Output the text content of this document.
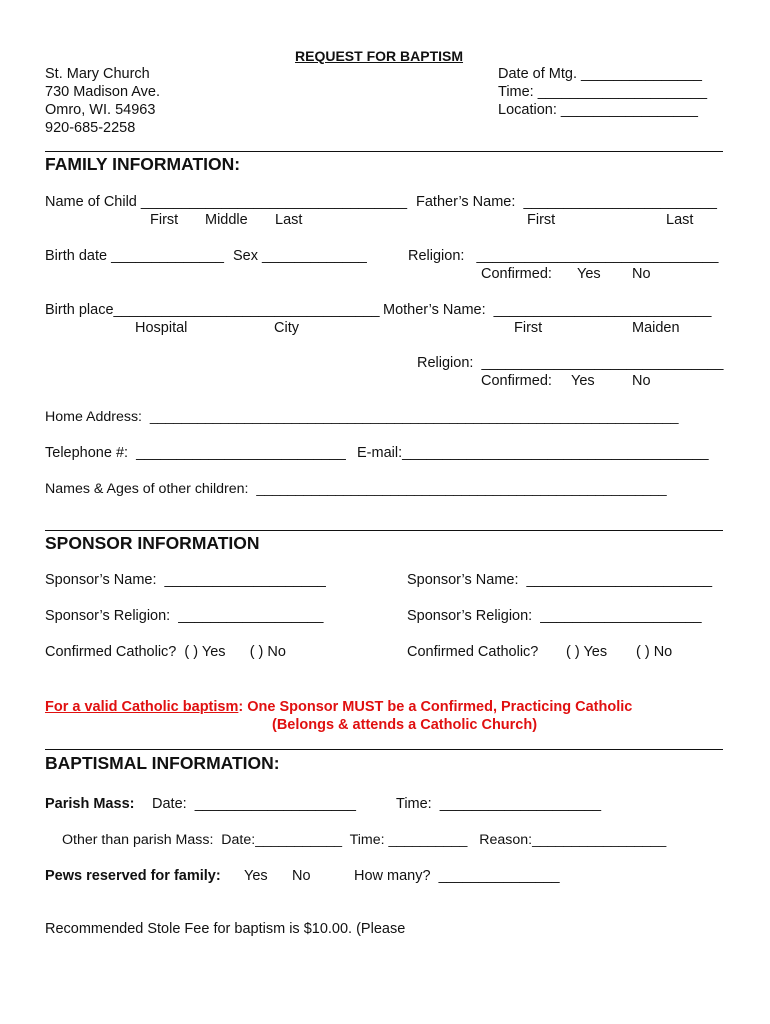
REQUEST FOR BAPTISM
St. Mary Church
730 Madison Ave.
Omro, WI. 54963
920-685-2258
Date of Mtg. _______________
Time: _____________________
Location: _________________
FAMILY INFORMATION:
Name of Child _________________________________ Father’s Name:  ________________________
First Middle Last	First	Last
Birth date ______________ Sex _____________	Religion:   ______________________________
Confirmed: Yes No
Birth place_________________________________ Mother’s Name:  ___________________________
Hospital	City	First	Maiden
Religion:  ______________________________
Confirmed: Yes	No
Home Address:  ___________________________________________________________________
Telephone #:  __________________________ E-mail:______________________________________
Names & Ages of other children:  ____________________________________________________
SPONSOR INFORMATION
Sponsor’s Name:  ____________________	Sponsor’s Name:  _______________________
Sponsor’s Religion:  __________________	Sponsor’s Religion:  ____________________
Confirmed Catholic?  ( ) Yes      ( ) No	Confirmed Catholic? ( ) Yes ( ) No
For a valid Catholic baptism: One Sponsor MUST be a Confirmed, Practicing Catholic
(Belongs & attends a Catholic Church)
BAPTISMAL INFORMATION:
Parish Mass: Date:  ____________________	Time:  ____________________
Other than parish Mass:  Date:___________  Time: __________   Reason:_________________
Pews reserved for family: Yes No	How many?  _______________
Recommended Stole Fee for baptism is $10.00. (Please
